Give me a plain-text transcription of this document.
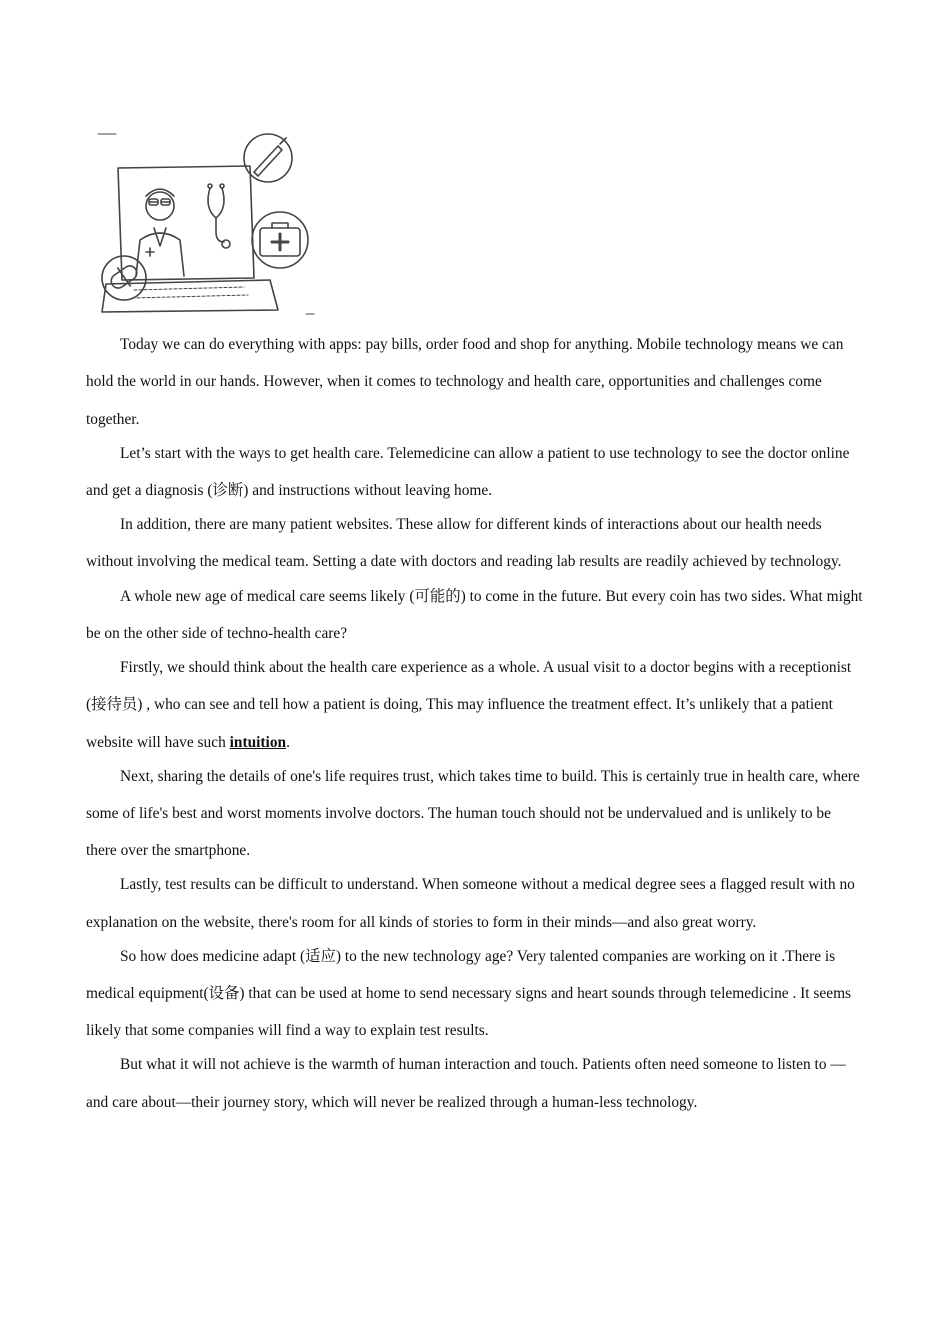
Today we can do everything with apps: pay bills, order food and shop for anything. Mobile technology means we can hold the world in our hands. However, when it comes to technology and health care, opportunities and challenges come together.

Let’s start with the ways to get health care. Telemedicine can allow a patient to use technology to see the doctor online and get a diagnosis (诊断) and instructions without leaving home.

In addition, there are many patient websites. These allow for different kinds of interactions about our health needs without involving the medical team. Setting a date with doctors and reading lab results are readily achieved by technology.

A whole new age of medical care seems likely (可能的) to come in the future. But every coin has two sides. What might be on the other side of techno-health care?

Firstly, we should think about the health care experience as a whole. A usual visit to a doctor begins with a receptionist (接待员) , who can see and tell how a patient is doing, This may influence the treatment effect. It’s unlikely that a patient website will have such intuition.

Next, sharing the details of one's life requires trust, which takes time to build. This is certainly true in health care, where some of life's best and worst moments involve doctors. The human touch should not be undervalued and is unlikely to be there over the smartphone.

Lastly, test results can be difficult to understand. When someone without a medical degree sees a flagged result with no explanation on the website, there's room for all kinds of stories to form in their minds—and also great worry.

So how does medicine adapt (适应) to the new technology age? Very talented companies are working on it .There is medical equipment(设备) that can be used at home to send necessary signs and heart sounds through telemedicine . It seems likely that some companies will find a way to explain test results.

But what it will not achieve is the warmth of human interaction and touch. Patients often need someone to listen to —and care about—their journey story, which will never be realized through a human-less technology.
